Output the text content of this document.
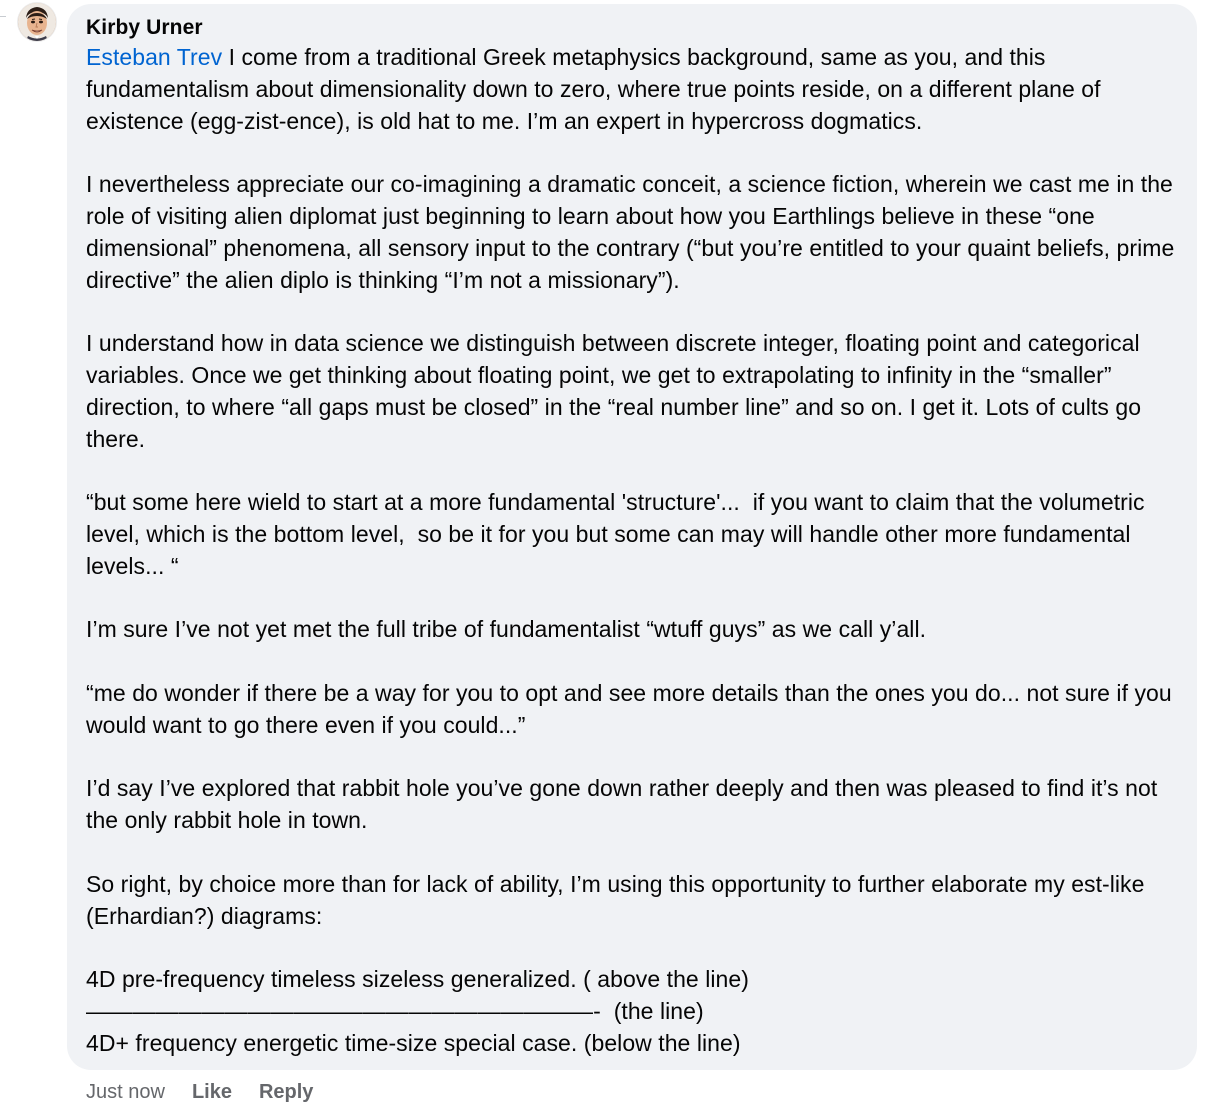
Kirby Urner

Esteban Trev I come from a traditional Greek metaphysics background, same as you, and this fundamentalism about dimensionality down to zero, where true points reside, on a different plane of existence (egg-zist-ence), is old hat to me. I’m an expert in hypercross dogmatics.

I nevertheless appreciate our co-imagining a dramatic conceit, a science fiction, wherein we cast me in the role of visiting alien diplomat just beginning to learn about how you Earthlings believe in these “one dimensional” phenomena, all sensory input to the contrary (“but you’re entitled to your quaint beliefs, prime directive” the alien diplo is thinking “I’m not a missionary”).

I understand how in data science we distinguish between discrete integer, floating point and categorical variables. Once we get thinking about floating point, we get to extrapolating to infinity in the “smaller” direction, to where “all gaps must be closed” in the “real number line” and so on. I get it. Lots of cults go there.

“but some here wield to start at a more fundamental 'structure'...  if you want to claim that the volumetric level, which is the bottom level,  so be it for you but some can may will handle other more fundamental levels... “

I’m sure I’ve not yet met the full tribe of fundamentalist “wtuff guys” as we call y’all.

“me do wonder if there be a way for you to opt and see more details than the ones you do... not sure if you would want to go there even if you could...”

I’d say I’ve explored that rabbit hole you’ve gone down rather deeply and then was pleased to find it’s not the only rabbit hole in town.

So right, by choice more than for lack of ability, I’m using this opportunity to further elaborate my est-like (Erhardian?) diagrams:

4D pre-frequency timeless sizeless generalized. ( above the line)

——————————————————————-  (the line)

4D+ frequency energetic time-size special case. (below the line)

Just now Like Reply
